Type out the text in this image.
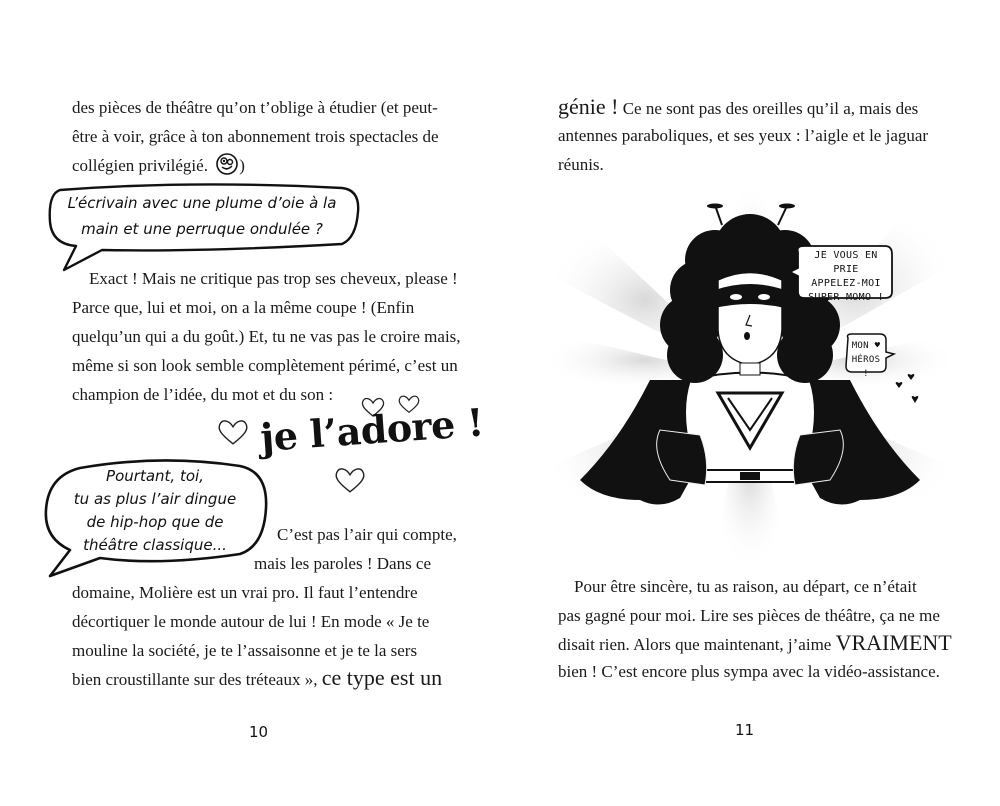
des pièces de théâtre qu’on t’oblige à étudier (et peut-
être à voir, grâce à ton abonnement trois spectacles de
collégien privilégié. )
L’écrivain avec une plume d’oie à la
main et une perruque ondulée ?
Exact ! Mais ne critique pas trop ses cheveux, please !
Parce que, lui et moi, on a la même coupe ! (Enfin
quelqu’un qui a du goût.) Et, tu ne vas pas le croire mais,
même si son look semble complètement périmé, c’est un
champion de l’idée, du mot et du son :
je l’adore !
Pourtant, toi,
tu as plus l’air dingue
de hip-hop que de
théâtre classique...
C’est pas l’air qui compte,
mais les paroles ! Dans ce
domaine, Molière est un vrai pro. Il faut l’entendre
décortiquer le monde autour de lui ! En mode « Je te
mouline la société, je te l’assaisonne et je te la sers
bien croustillante sur des tréteaux », ce type est un
10
génie ! Ce ne sont pas des oreilles qu’il a, mais des
antennes paraboliques, et ses yeux : l’aigle et le jaguar
réunis.
JE VOUS EN PRIE
APPELEZ-MOI
SUPER MOMO !
MON ♥
HÉROS !
Pour être sincère, tu as raison, au départ, ce n’était
pas gagné pour moi. Lire ses pièces de théâtre, ça ne me
disait rien. Alors que maintenant, j’aime VRAIMENT
bien ! C’est encore plus sympa avec la vidéo-assistance.
11
